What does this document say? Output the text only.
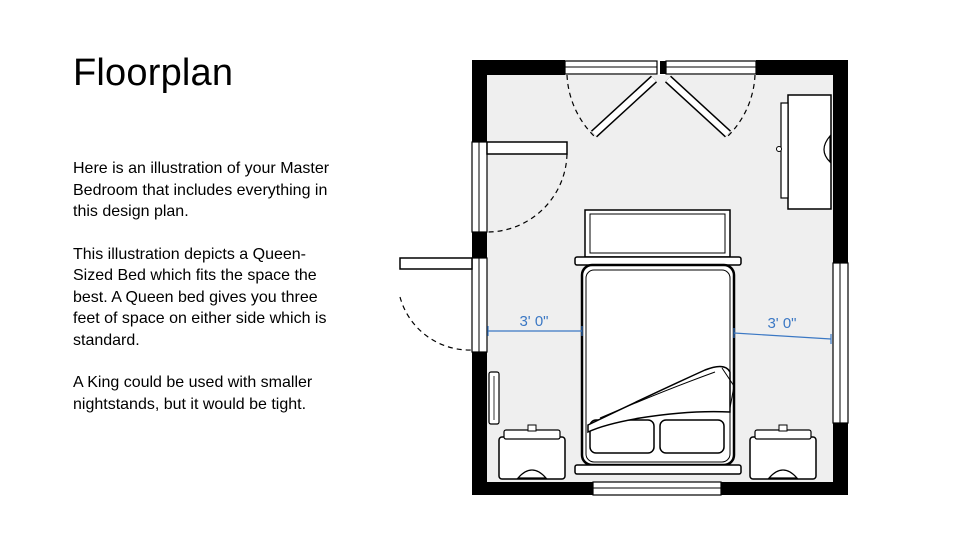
Floorplan

Here is an illustration of your Master Bedroom that includes everything in this design plan.

This illustration depicts a Queen-Sized Bed which fits the space the best. A Queen bed gives you three feet of space on either side which is standard.

A King could be used with smaller nightstands, but it would be tight.

3' 0"	3' 0"
